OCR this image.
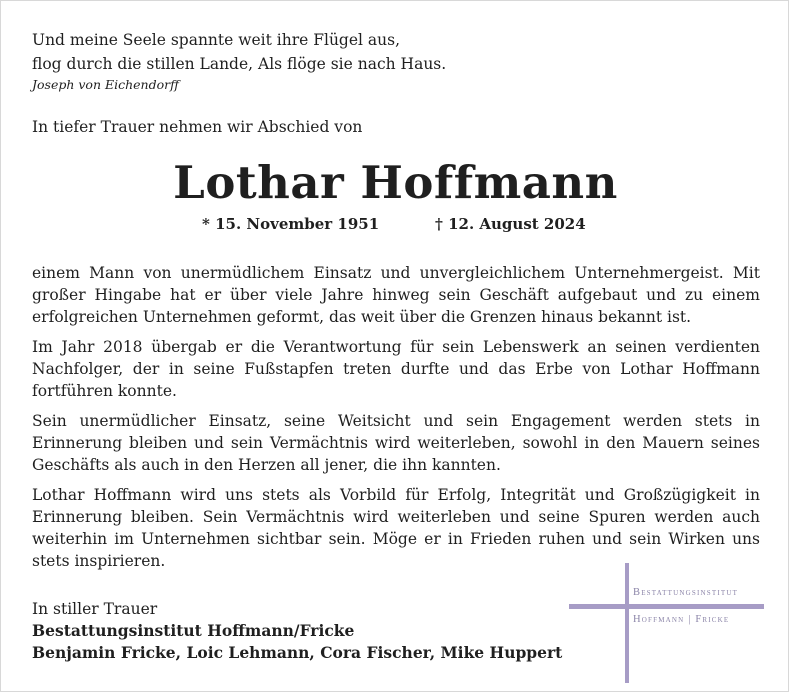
Und meine Seele spannte weit ihre Flügel aus,
flog durch die stillen Lande, Als flöge sie nach Haus.
Joseph von Eichendorff
In tiefer Trauer nehmen wir Abschied von
Lothar Hoffmann
* 15. November 1951	† 12. August 2024

einem Mann von unermüdlichem Einsatz und unvergleichlichem Unternehmergeist. Mit großer Hingabe hat er über viele Jahre hinweg sein Geschäft aufgebaut und zu einem erfolgreichen Unternehmen geformt, das weit über die Grenzen hinaus bekannt ist.

Im Jahr 2018 übergab er die Verantwortung für sein Lebenswerk an seinen verdienten Nachfolger, der in seine Fußstapfen treten durfte und das Erbe von Lothar Hoffmann fortführen konnte.

Sein unermüdlicher Einsatz, seine Weitsicht und sein Engagement werden stets in Erinnerung bleiben und sein Vermächtnis wird weiterleben, sowohl in den Mauern seines Geschäfts als auch in den Herzen all jener, die ihn kannten.

Lothar Hoffmann wird uns stets als Vorbild für Erfolg, Integrität und Großzügigkeit in Erinnerung bleiben. Sein Vermächtnis wird weiterleben und seine Spuren werden auch weiterhin im Unternehmen sichtbar sein. Möge er in Frieden ruhen und sein Wirken uns stets inspirieren.

In stiller Trauer
Bestattungsinstitut Hoffmann/Fricke
Benjamin Fricke, Loic Lehmann, Cora Fischer, Mike Huppert
Bestattungsinstitut
Hoffmann | Fricke
